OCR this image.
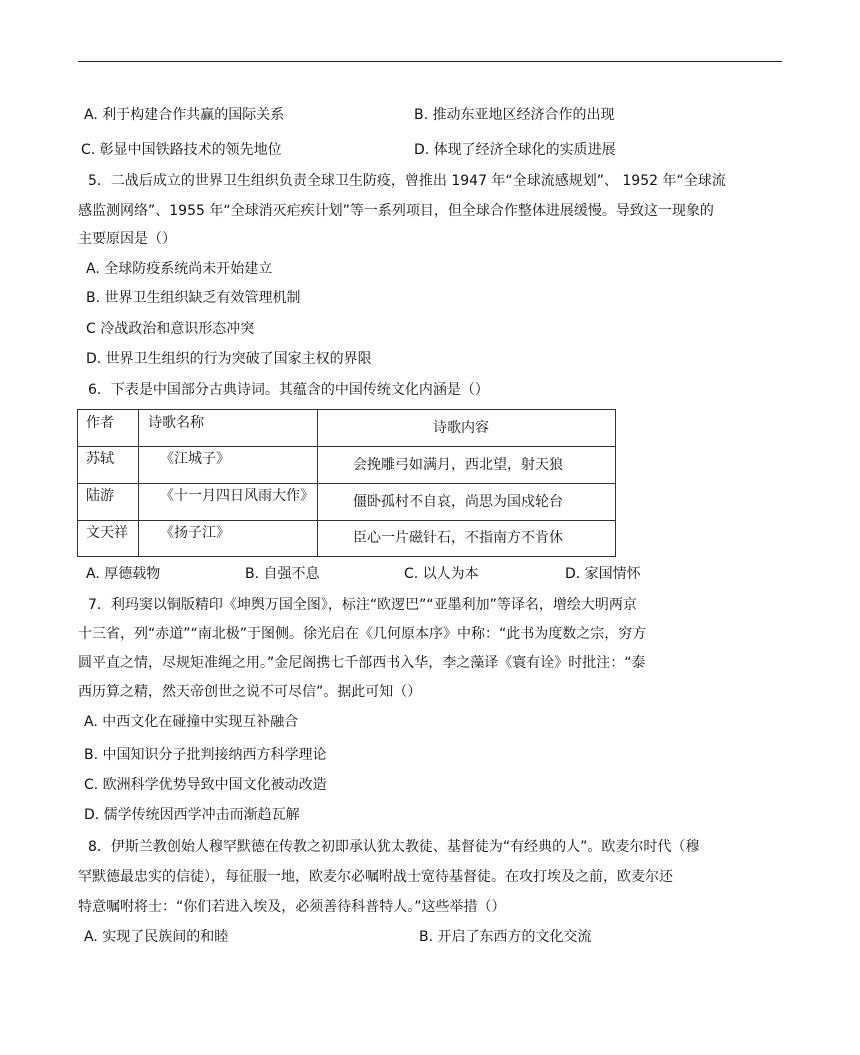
A. 利于构建合作共赢的国际关系	B. 推动东亚地区经济合作的出现
C. 彰显中国铁路技术的领先地位	D. 体现了经济全球化的实质进展
5．二战后成立的世界卫生组织负责全球卫生防疫，曾推出 1947 年“全球流感规划”、 1952 年“全球流
感监测网络”、1955 年“全球消灭疟疾计划”等一系列项目，但全球合作整体进展缓慢。导致这一现象的
主要原因是（）
A. 全球防疫系统尚未开始建立
B. 世界卫生组织缺乏有效管理机制
C 冷战政治和意识形态冲突
D. 世界卫生组织的行为突破了国家主权的界限
6．下表是中国部分古典诗词。其蕴含的中国传统文化内涵是（）
作者 诗歌名称	诗歌内容
苏轼	《江城子》	会挽雕弓如满月，西北望，射天狼
陆游	《十一月四日风雨大作》	僵卧孤村不自哀，尚思为国戍轮台
文天祥 《扬子江》	臣心一片磁针石，不指南方不肯休
A. 厚德载物	B. 自强不息	C. 以人为本	D. 家国情怀
7．利玛窦以铜版精印《坤舆万国全图》，标注“欧逻巴”“亚墨利加”等译名，增绘大明两京
十三省，列“赤道”“南北极”于图侧。徐光启在《几何原本序》中称：“此书为度数之宗，穷方
圆平直之情，尽规矩准绳之用。”金尼阁携七千部西书入华，李之藻译《寰有诠》时批注：“泰
西历算之精，然天帝创世之说不可尽信”。据此可知（）
A. 中西文化在碰撞中实现互补融合
B. 中国知识分子批判接纳西方科学理论
C. 欧洲科学优势导致中国文化被动改造
D. 儒学传统因西学冲击而渐趋瓦解
8．伊斯兰教创始人穆罕默德在传教之初即承认犹太教徒、基督徒为“有经典的人”。欧麦尔时代（穆
罕默德最忠实的信徒），每征服一地，欧麦尔必嘱咐战士宽待基督徒。在攻打埃及之前，欧麦尔还
特意嘱咐将士：“你们若进入埃及，必须善待科普特人。”这些举措（）
A. 实现了民族间的和睦	B. 开启了东西方的文化交流
